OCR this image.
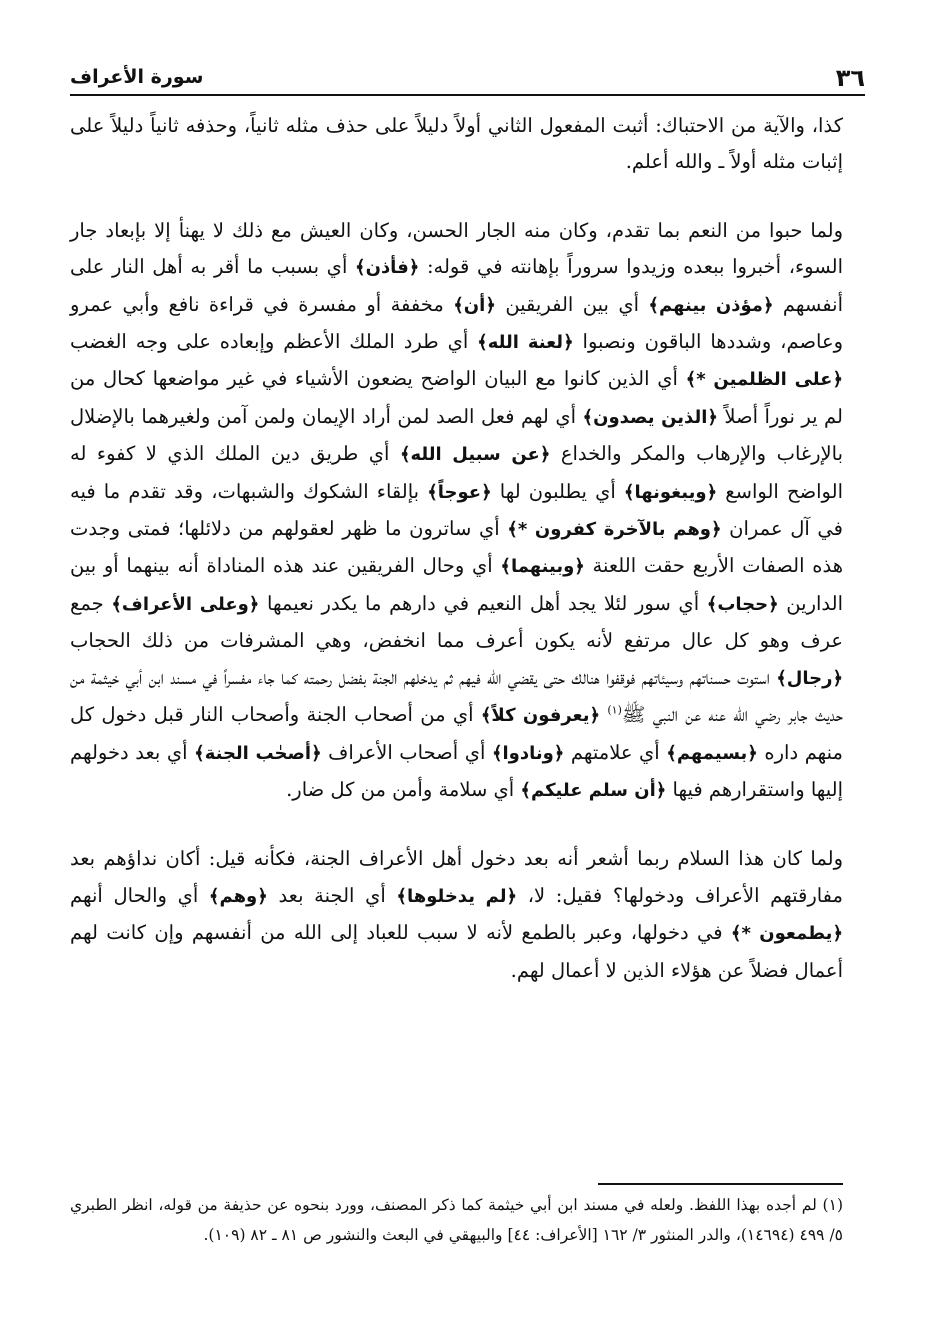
٣٦
سورة الأعراف

كذا، والآية من الاحتباك: أثبت المفعول الثاني أولاً دليلاً على حذف مثله ثانياً، وحذفه ثانياً دليلاً على إثبات مثله أولاً ـ والله أعلم.

ولما حبوا من النعم بما تقدم، وكان منه الجار الحسن، وكان العيش مع ذلك لا يهنأ إلا بإبعاد جار السوء، أخبروا ببعده وزيدوا سروراً بإهانته في قوله: ﴿فأذن﴾ أي بسبب ما أقر به أهل النار على أنفسهم ﴿مؤذن بينهم﴾ أي بين الفريقين ﴿أن﴾ مخففة أو مفسرة في قراءة نافع وأبي عمرو وعاصم، وشددها الباقون ونصبوا ﴿لعنة الله﴾ أي طرد الملك الأعظم وإبعاده على وجه الغضب ﴿على الظلمين *﴾ أي الذين كانوا مع البيان الواضح يضعون الأشياء في غير مواضعها كحال من لم ير نوراً أصلاً ﴿الذين يصدون﴾ أي لهم فعل الصد لمن أراد الإيمان ولمن آمن ولغيرهما بالإضلال بالإرغاب والإرهاب والمكر والخداع ﴿عن سبيل الله﴾ أي طريق دين الملك الذي لا كفوء له الواضح الواسع ﴿ويبغونها﴾ أي يطلبون لها ﴿عوجاً﴾ بإلقاء الشكوك والشبهات، وقد تقدم ما فيه في آل عمران ﴿وهم بالآخرة كفرون *﴾ أي ساترون ما ظهر لعقولهم من دلائلها؛ فمتى وجدت هذه الصفات الأربع حقت اللعنة ﴿وبينهما﴾ أي وحال الفريقين عند هذه المناداة أنه بينهما أو بين الدارين ﴿حجاب﴾ أي سور لئلا يجد أهل النعيم في دارهم ما يكدر نعيمها ﴿وعلى الأعراف﴾ جمع عرف وهو كل عال مرتفع لأنه يكون أعرف مما انخفض، وهي المشرفات من ذلك الحجاب ﴿رجال﴾ استوت حسناتهم وسيئاتهم فوقفوا هنالك حتى يقضي الله فيهم ثم يدخلهم الجنة بفضل رحمته كما جاء مفسراً في مسند ابن أبي خيثمة من حديث جابر رضي الله عنه عن النبي ﷺ$^{(١)}$ ﴿يعرفون كلاً﴾ أي من أصحاب الجنة وأصحاب النار قبل دخول كل منهم داره ﴿بسيمهم﴾ أي علامتهم ﴿ونادوا﴾ أي أصحاب الأعراف ﴿أصحٰب الجنة﴾ أي بعد دخولهم إليها واستقرارهم فيها ﴿أن سلم عليكم﴾ أي سلامة وأمن من كل ضار.

ولما كان هذا السلام ربما أشعر أنه بعد دخول أهل الأعراف الجنة، فكأنه قيل: أكان نداؤهم بعد مفارقتهم الأعراف ودخولها؟ فقيل: لا، ﴿لم يدخلوها﴾ أي الجنة بعد ﴿وهم﴾ أي والحال أنهم ﴿يطمعون *﴾ في دخولها، وعبر بالطمع لأنه لا سبب للعباد إلى الله من أنفسهم وإن كانت لهم أعمال فضلاً عن هؤلاء الذين لا أعمال لهم.

(١) لم أجده بهذا اللفظ. ولعله في مسند ابن أبي خيثمة كما ذكر المصنف، وورد بنحوه عن حذيفة من قوله، انظر الطبري ٥/ ٤٩٩ (١٤٦٩٤)، والدر المنثور ٣/ ١٦٢ [الأعراف: ٤٤] والبيهقي في البعث والنشور ص ٨١ ـ ٨٢ (١٠٩).
